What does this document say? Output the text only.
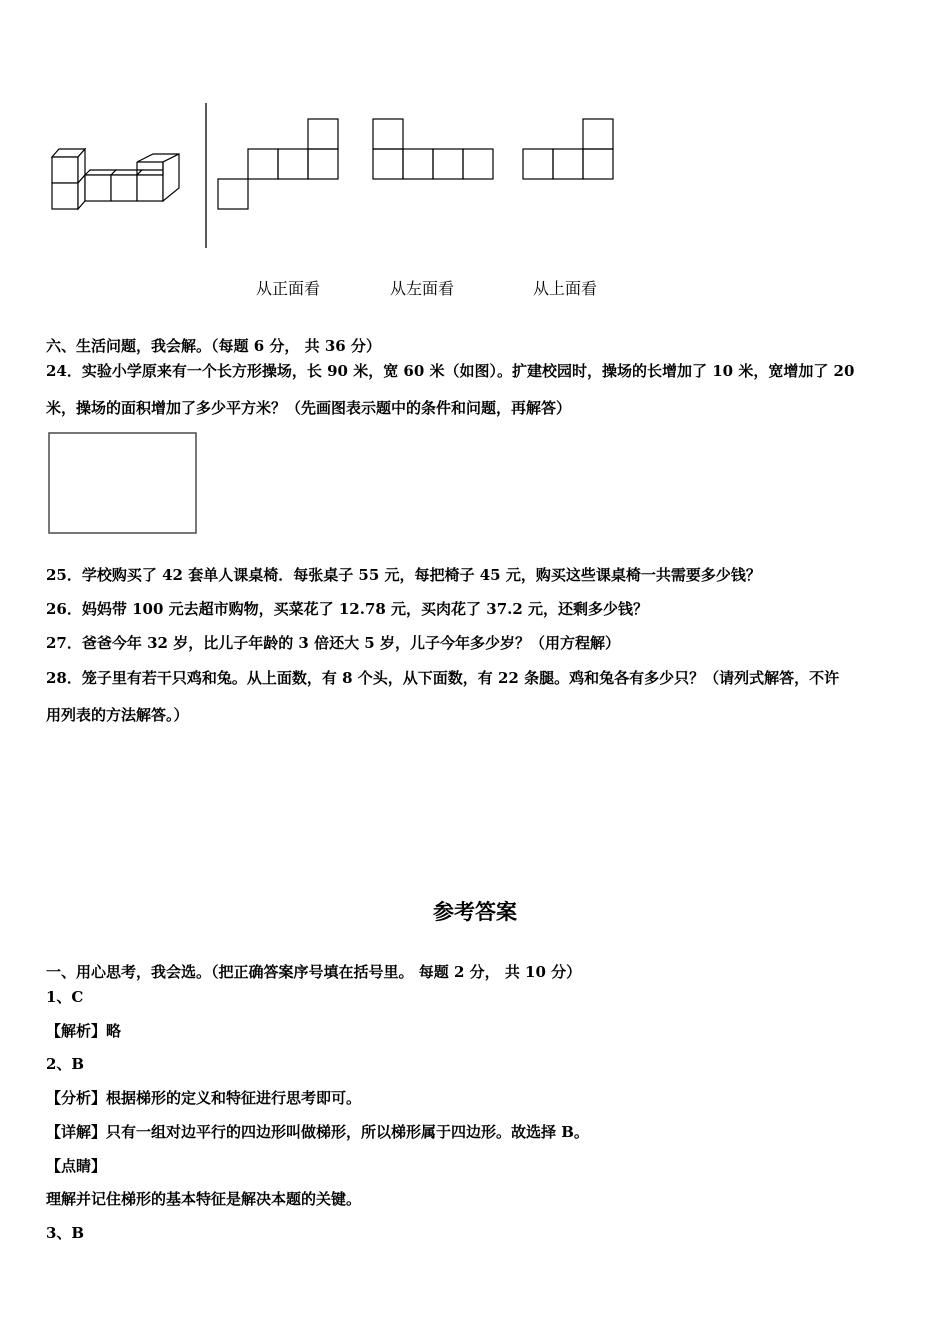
从正面看	从左面看	从上面看
六、生活问题，我会解。（每题 6 分， 共 36 分）
24．实验小学原来有一个长方形操场，长 90 米，宽 60 米（如图）。扩建校园时，操场的长增加了 10 米，宽增加了 20
米，操场的面积增加了多少平方米？（先画图表示题中的条件和问题，再解答）
25．学校购买了 42 套单人课桌椅．每张桌子 55 元，每把椅子 45 元，购买这些课桌椅一共需要多少钱？
26．妈妈带 100 元去超市购物，买菜花了 12.78 元，买肉花了 37.2 元，还剩多少钱？
27．爸爸今年 32 岁，比儿子年龄的 3 倍还大 5 岁，儿子今年多少岁？（用方程解）
28．笼子里有若干只鸡和兔。从上面数，有 8 个头，从下面数，有 22 条腿。鸡和兔各有多少只？（请列式解答，不许
用列表的方法解答。）
参考答案
一、用心思考，我会选。（把正确答案序号填在括号里。 每题 2 分， 共 10 分）
1、C
【解析】略
2、B
【分析】根据梯形的定义和特征进行思考即可。
【详解】只有一组对边平行的四边形叫做梯形，所以梯形属于四边形。故选择 B。
【点睛】
理解并记住梯形的基本特征是解决本题的关键。
3、B
